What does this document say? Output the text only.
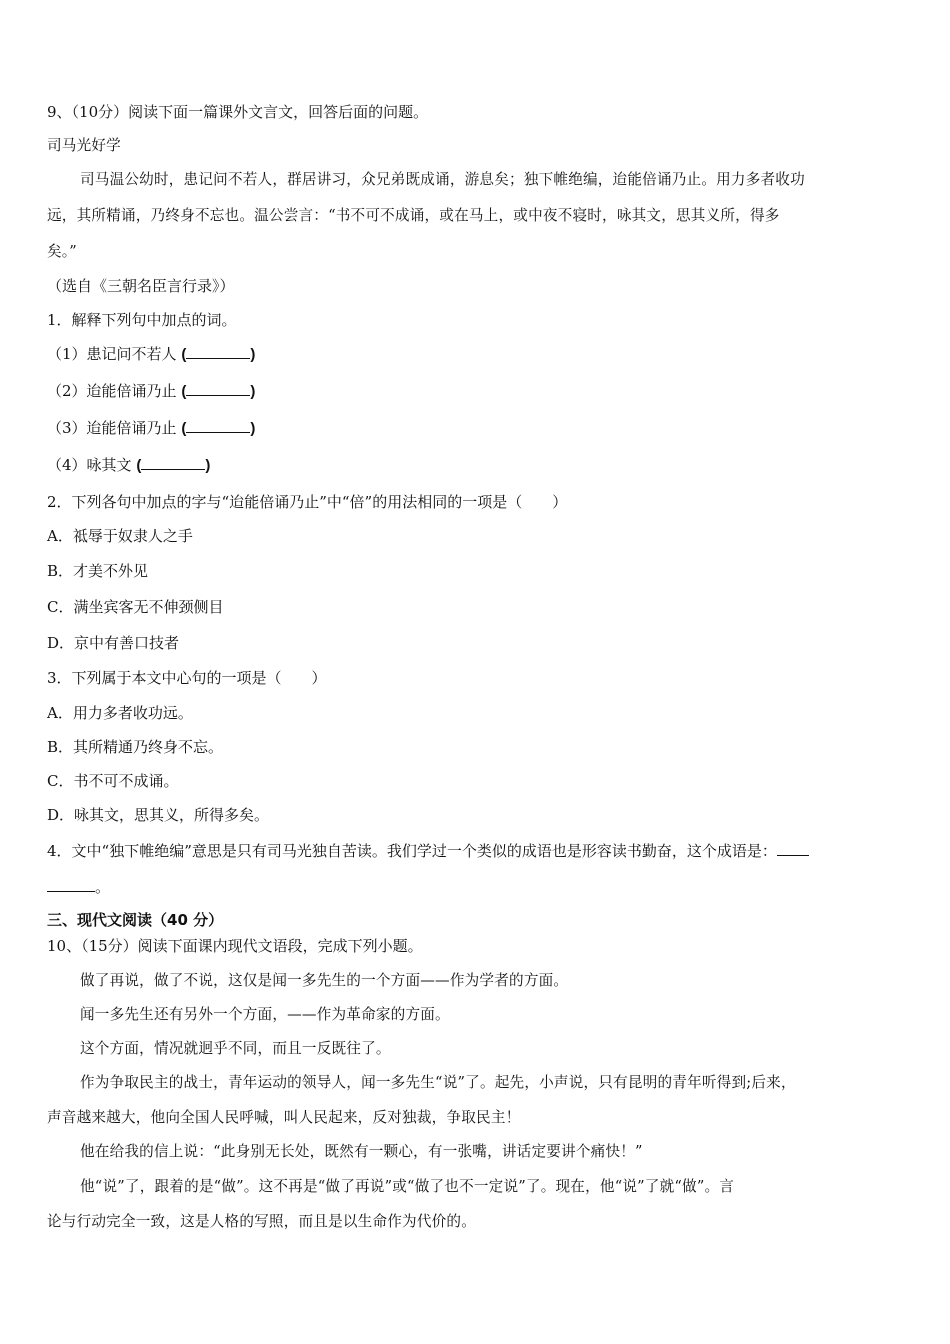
9、（10分）阅读下面一篇课外文言文，回答后面的问题。
司马光好学
司马温公幼时，患记问不若人，群居讲习，众兄弟既成诵，游息矣；独下帷绝编，迨能倍诵乃止。用力多者收功
远，其所精诵，乃终身不忘也。温公尝言：“书不可不成诵，或在马上，或中夜不寝时，咏其文，思其义所，得多
矣。”
（选自《三朝名臣言行录》）
1．解释下列句中加点的词。
（1）患记问不若人 (	)
（2）迨能倍诵乃止 (	)
（3）迨能倍诵乃止 (	)
（4）咏其文 (	)
2．下列各句中加点的字与“迨能倍诵乃止”中“倍”的用法相同的一项是（　　）
A．祗辱于奴隶人之手
B．才美不外见
C．满坐宾客无不伸颈侧目
D．京中有善口技者
3．下列属于本文中心句的一项是（　　）
A．用力多者收功远。
B．其所精通乃终身不忘。
C．书不可不成诵。
D．咏其文，思其义，所得多矣。
4．文中“独下帷绝编”意思是只有司马光独自苦读。我们学过一个类似的成语也是形容读书勤奋，这个成语是：
。
三、现代文阅读（40 分）
10、（15分）阅读下面课内现代文语段，完成下列小题。
做了再说，做了不说，这仅是闻一多先生的一个方面——作为学者的方面。
闻一多先生还有另外一个方面，——作为革命家的方面。
这个方面，情况就迥乎不同，而且一反既往了。
作为争取民主的战士，青年运动的领导人，闻一多先生“说”了。起先，小声说，只有昆明的青年听得到;后来，
声音越来越大，他向全国人民呼喊，叫人民起来，反对独裁，争取民主！
他在给我的信上说：“此身别无长处，既然有一颗心，有一张嘴，讲话定要讲个痛快！”
他“说”了，跟着的是“做”。这不再是“做了再说”或“做了也不一定说”了。现在，他“说”了就“做”。言
论与行动完全一致，这是人格的写照，而且是以生命作为代价的。
